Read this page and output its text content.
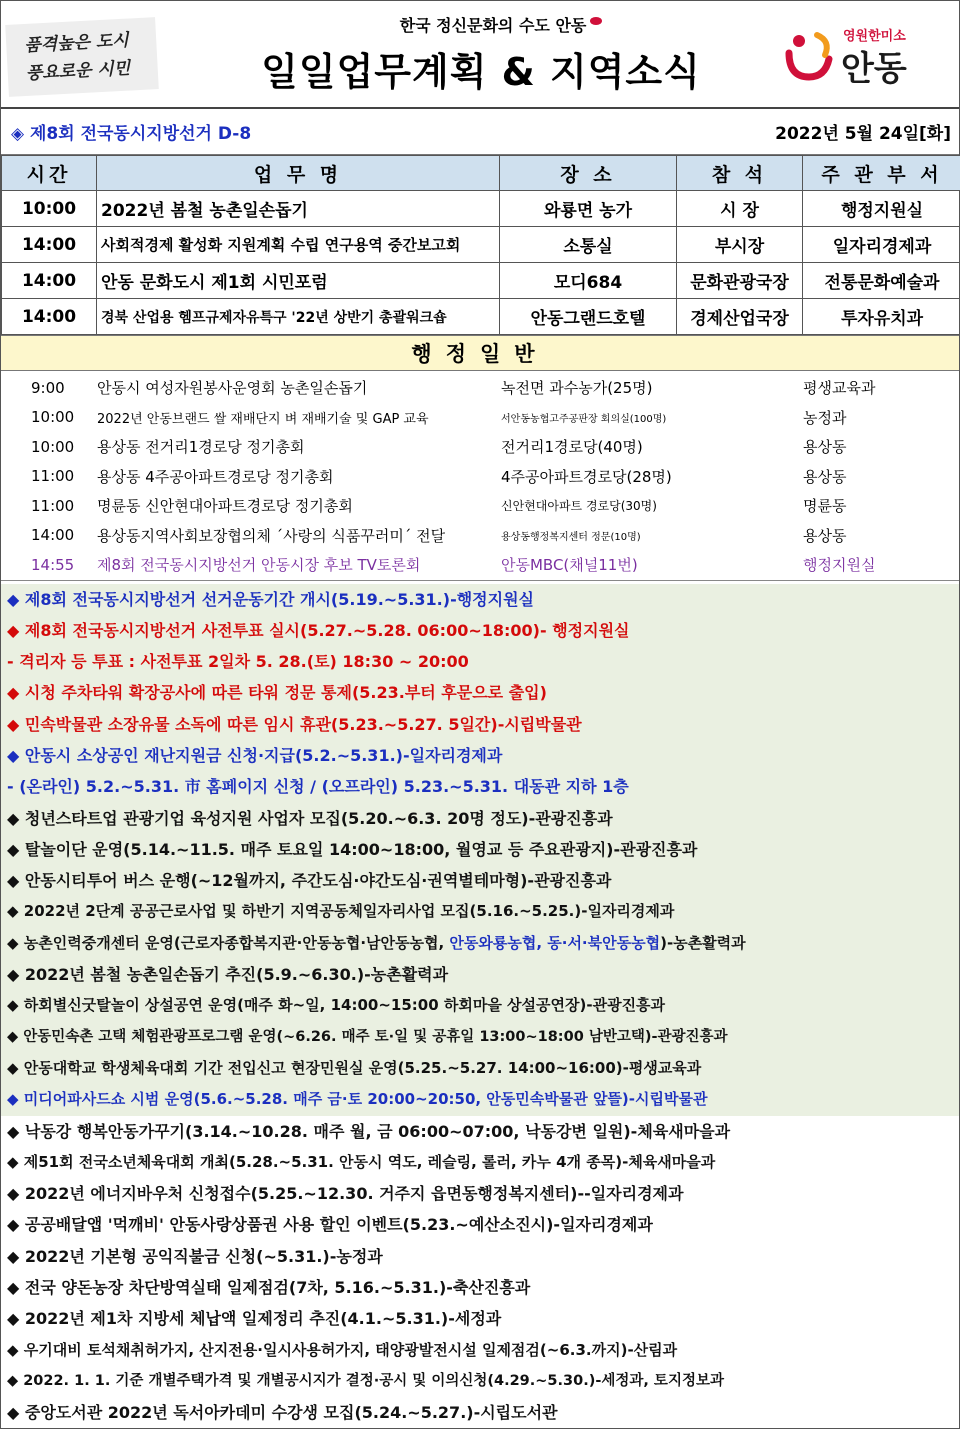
품격높은 도시
풍요로운 시민
한국 정신문화의 수도 안동
일일업무계획 & 지역소식
영원한미소
안동
◈ 제8회 전국동시지방선거 D-8	2022년 5월 24일[화]
시간	업 무 명	장 소	참 석	주 관 부 서
10:00	2022년 봄철 농촌일손돕기	와룡면 농가	시 장	행정지원실
14:00	사회적경제 활성화 지원계획 수립 연구용역 중간보고회	소통실	부시장	일자리경제과
14:00	안동 문화도시 제1회 시민포럼	모디684	문화관광국장	전통문화예술과
14:00	경북 산업용 헴프규제자유특구 '22년 상반기 총괄워크숍	안동그랜드호텔	경제산업국장	투자유치과
행정일반
9:00	안동시 여성자원봉사운영회 농촌일손돕기	녹전면 과수농가(25명)	평생교육과
10:00	2022년 안동브랜드 쌀 재배단지 벼 재배기술 및 GAP 교육	서안동농협고주공판장 회의실(100명)	농정과
10:00	용상동 전거리1경로당 정기총회	전거리1경로당(40명)	용상동
11:00	용상동 4주공아파트경로당 정기총회	4주공아파트경로당(28명)	용상동
11:00	명륜동 신안현대아파트경로당 정기총회	신안현대아파트 경로당(30명)	명륜동
14:00	용상동지역사회보장협의체 ´사랑의 식품꾸러미´ 전달	용상동행정복지센터 정문(10명)	용상동
14:55	제8회 전국동시지방선거 안동시장 후보 TV토론회	안동MBC(채널11번)	행정지원실
◆ 제8회 전국동시지방선거 선거운동기간 개시(5.19.~5.31.)-행정지원실
◆ 제8회 전국동시지방선거 사전투표 실시(5.27.~5.28. 06:00~18:00)- 행정지원실
- 격리자 등 투표 : 사전투표 2일차 5. 28.(토) 18:30 ~ 20:00
◆ 시청 주차타워 확장공사에 따른 타워 정문 통제(5.23.부터 후문으로 출입)
◆ 민속박물관 소장유물 소독에 따른 임시 휴관(5.23.~5.27. 5일간)-시립박물관
◆ 안동시 소상공인 재난지원금 신청·지급(5.2.~5.31.)-일자리경제과
- (온라인) 5.2.~5.31. 市 홈페이지 신청 / (오프라인) 5.23.~5.31. 대동관 지하 1층
◆ 청년스타트업 관광기업 육성지원 사업자 모집(5.20.~6.3. 20명 정도)-관광진흥과
◆ 탈놀이단 운영(5.14.~11.5. 매주 토요일 14:00~18:00, 월영교 등 주요관광지)-관광진흥과
◆ 안동시티투어 버스 운행(~12월까지, 주간도심·야간도심·권역별테마형)-관광진흥과
◆ 2022년 2단계 공공근로사업 및 하반기 지역공동체일자리사업 모집(5.16.~5.25.)-일자리경제과
◆ 농촌인력중개센터 운영(근로자종합복지관·안동농협·남안동농협, 안동와룡농협, 동·서·북안동농협)-농촌활력과
◆ 2022년 봄철 농촌일손돕기 추진(5.9.~6.30.)-농촌활력과
◆ 하회별신굿탈놀이 상설공연 운영(매주 화~일, 14:00~15:00 하회마을 상설공연장)-관광진흥과
◆ 안동민속촌 고택 체험관광프로그램 운영(~6.26. 매주 토·일 및 공휴일 13:00~18:00 남반고택)-관광진흥과
◆ 안동대학교 학생체육대회 기간 전입신고 현장민원실 운영(5.25.~5.27. 14:00~16:00)-평생교육과
◆ 미디어파사드쇼 시범 운영(5.6.~5.28. 매주 금·토 20:00~20:50, 안동민속박물관 앞뜰)-시립박물관
◆ 낙동강 행복안동가꾸기(3.14.~10.28. 매주 월, 금 06:00~07:00, 낙동강변 일원)-체육새마을과
◆ 제51회 전국소년체육대회 개최(5.28.~5.31. 안동시 역도, 레슬링, 롤러, 카누 4개 종목)-체육새마을과
◆ 2022년 에너지바우처 신청접수(5.25.~12.30. 거주지 읍면동행정복지센터)--일자리경제과
◆ 공공배달앱 '먹깨비' 안동사랑상품권 사용 할인 이벤트(5.23.~예산소진시)-일자리경제과
◆ 2022년 기본형 공익직불금 신청(~5.31.)-농정과
◆ 전국 양돈농장 차단방역실태 일제점검(7차, 5.16.~5.31.)-축산진흥과
◆ 2022년 제1차 지방세 체납액 일제정리 추진(4.1.~5.31.)-세정과
◆ 우기대비 토석채취허가지, 산지전용·일시사용허가지, 태양광발전시설 일제점검(~6.3.까지)-산림과
◆ 2022. 1. 1. 기준 개별주택가격 및 개별공시지가 결정·공시 및 이의신청(4.29.~5.30.)-세정과, 토지정보과
◆ 중앙도서관 2022년 독서아카데미 수강생 모집(5.24.~5.27.)-시립도서관
